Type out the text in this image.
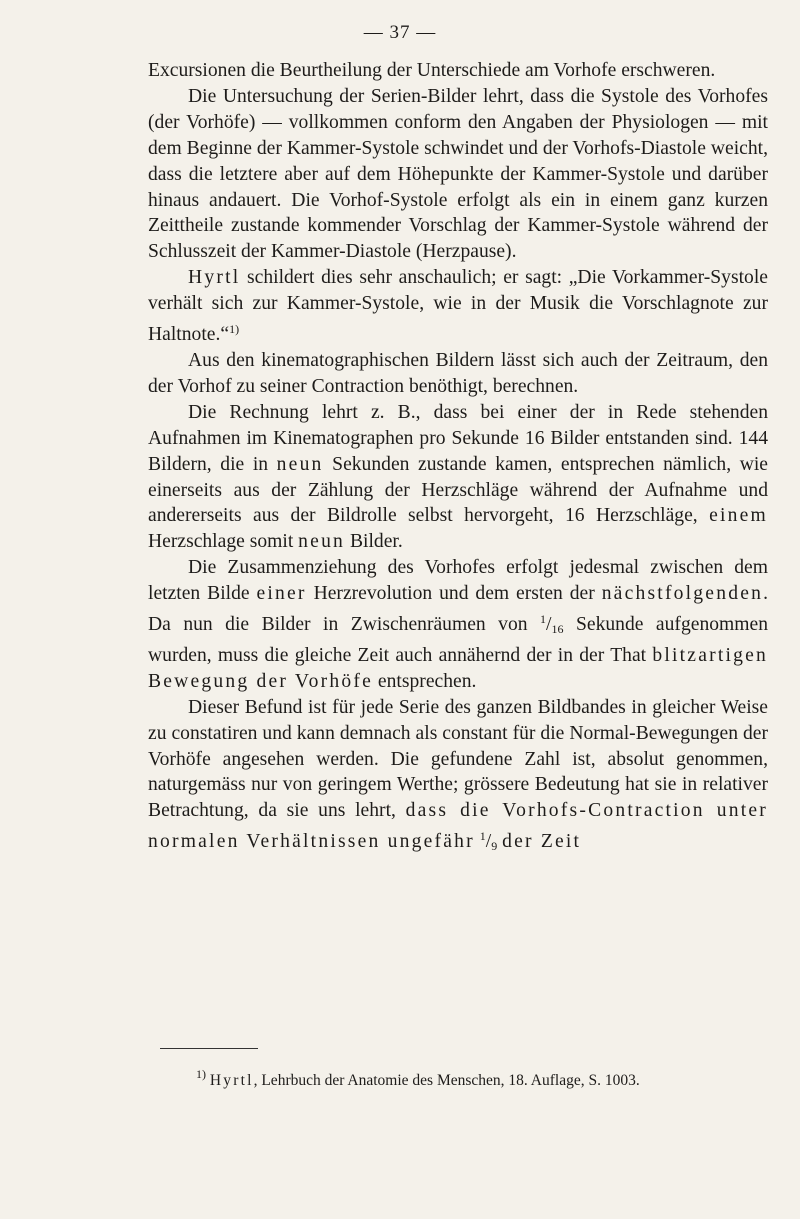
— 37 —

Excursionen die Beurtheilung der Unterschiede am Vorhofe erschweren.

Die Untersuchung der Serien-Bilder lehrt, dass die Systole des Vorhofes (der Vorhöfe) — vollkommen conform den Angaben der Physiologen — mit dem Beginne der Kammer-Systole schwindet und der Vorhofs-Diastole weicht, dass die letztere aber auf dem Höhepunkte der Kammer-Systole und darüber hinaus andauert. Die Vorhof-Systole erfolgt als ein in einem ganz kurzen Zeittheile zustande kommender Vorschlag der Kammer-Systole während der Schlusszeit der Kammer-Diastole (Herzpause).

Hyrtl schildert dies sehr anschaulich; er sagt: „Die Vorkammer-Systole verhält sich zur Kammer-Systole, wie in der Musik die Vorschlagnote zur Haltnote.“$^{1)}$

Aus den kinematographischen Bildern lässt sich auch der Zeitraum, den der Vorhof zu seiner Contraction benöthigt, berechnen.

Die Rechnung lehrt z. B., dass bei einer der in Rede stehenden Aufnahmen im Kinematographen pro Sekunde 16 Bilder entstanden sind. 144 Bildern, die in neun Sekunden zustande kamen, entsprechen nämlich, wie einerseits aus der Zählung der Herzschläge während der Aufnahme und andererseits aus der Bildrolle selbst hervorgeht, 16 Herzschläge, einem Herzschlage somit neun Bilder.

Die Zusammenziehung des Vorhofes erfolgt jedesmal zwischen dem letzten Bilde einer Herzrevolution und dem ersten der nächstfolgenden. Da nun die Bilder in Zwischenräumen von $^1/_{16}$ Sekunde aufgenommen wurden, muss die gleiche Zeit auch annähernd der in der That blitzartigen Bewegung der Vorhöfe entsprechen.

Dieser Befund ist für jede Serie des ganzen Bildbandes in gleicher Weise zu constatiren und kann demnach als constant für die Normal-Bewegungen der Vorhöfe angesehen werden. Die gefundene Zahl ist, absolut genommen, naturgemäss nur von geringem Werthe; grössere Bedeutung hat sie in relativer Betrachtung, da sie uns lehrt, dass die Vorhofs-Contraction unter normalen Verhältnissen ungefähr $^1/_9$ der Zeit

$^{1)}$ Hyrtl, Lehrbuch der Anatomie des Menschen, 18. Auflage, S. 1003.
